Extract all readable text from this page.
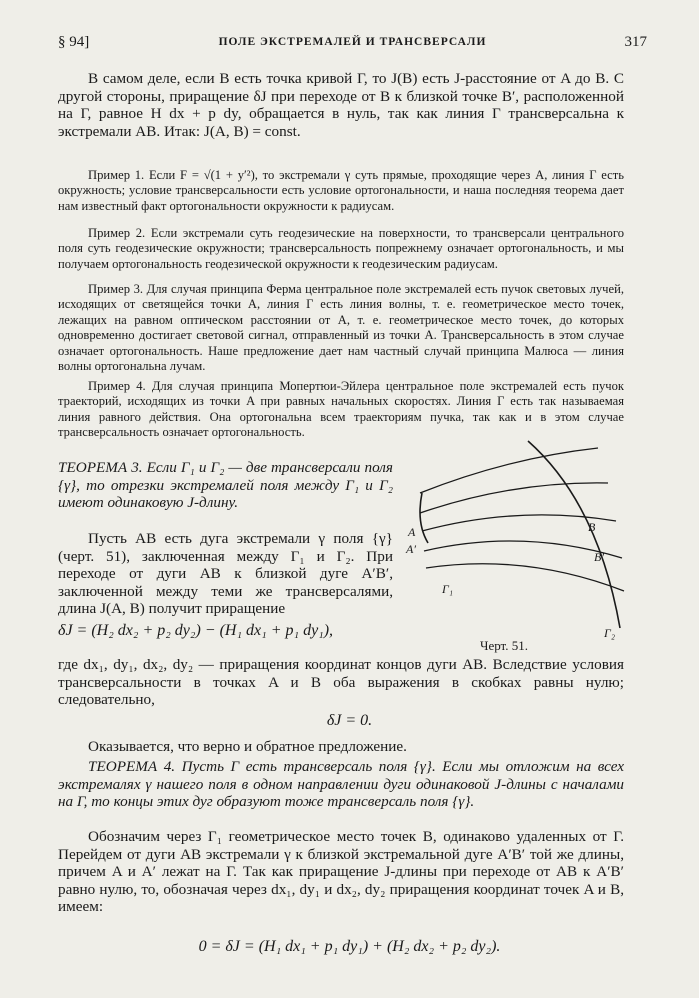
§ 94]	ПОЛЕ ЭКСТРЕМАЛЕЙ И ТРАНСВЕРСАЛИ	317

В самом деле, если B есть точка кривой Γ, то J(B) есть J-расстояние от A до B. С другой стороны, приращение δJ при переходе от B к близкой точке B′, расположенной на Γ, равное H dx + p dy, обращается в нуль, так как линия Γ трансверсальна к экстремали AB. Итак: J(A, B) = const.

Пример 1. Если F = √(1 + y′²), то экстремали γ суть прямые, проходящие через A, линия Γ есть окружность; условие трансверсальности есть условие ортогональности, и наша последняя теорема дает нам известный факт ортогональности окружности к радиусам.

Пример 2. Если экстремали суть геодезические на поверхности, то трансверсали центрального поля суть геодезические окружности; трансверсальность попрежнему означает ортогональность, и мы получаем ортогональность геодезической окружности к геодезическим радиусам.

Пример 3. Для случая принципа Ферма центральное поле экстремалей есть пучок световых лучей, исходящих от светящейся точки A, линия Γ есть линия волны, т. е. геометрическое место точек, лежащих на равном оптическом расстоянии от A, т. е. геометрическое место точек, до которых одновременно достигает световой сигнал, отправленный из точки A. Трансверсальность в этом случае означает ортогональность. Наше предложение дает нам частный случай принципа Малюса — линия волны ортогональна лучам.

Пример 4. Для случая принципа Мопертюи-Эйлера центральное поле экстремалей есть пучок траекторий, исходящих из точки A при равных начальных скоростях. Линия Γ есть так называемая линия равного действия. Она ортогональна всем траекториям пучка, так как и в этом случае трансверсальность означает ортогональность.

ТЕОРЕМА 3. Если Γ₁ и Γ₂ — две трансверсали поля {γ}, то отрезки экстремалей поля между Γ₁ и Γ₂ имеют одинаковую J-длину.

Пусть AB есть дуга экстремали γ поля {γ} (черт. 51), заключенная между Γ₁ и Γ₂. При переходе от дуги AB к близкой дуге A′B′, заключенной между теми же трансверсалями, длина J(A, B) получит приращение

δJ = (H₂ dx₂ + p₂ dy₂) − (H₁ dx₁ + p₁ dy₁),
A
A′
B
B′
Γ₁
Γ₂
Черт. 51.

где dx₁, dy₁, dx₂, dy₂ — приращения координат концов дуги AB. Вследствие условия трансверсальности в точках A и B оба выражения в скобках равны нулю; следовательно,

δJ = 0.

Оказывается, что верно и обратное предложение.

ТЕОРЕМА 4. Пусть Γ есть трансверсаль поля {γ}. Если мы отложим на всех экстремалях γ нашего поля в одном направлении дуги одинаковой J-длины с началами на Γ, то концы этих дуг образуют тоже трансверсаль поля {γ}.

Обозначим через Γ₁ геометрическое место точек B, одинаково удаленных от Γ. Перейдем от дуги AB экстремали γ к близкой экстремальной дуге A′B′ той же длины, причем A и A′ лежат на Γ. Так как приращение J-длины при переходе от AB к A′B′ равно нулю, то, обозначая через dx₁, dy₁ и dx₂, dy₂ приращения координат точек A и B, имеем:

0 = δJ = (H₁ dx₁ + p₁ dy₁) + (H₂ dx₂ + p₂ dy₂).
